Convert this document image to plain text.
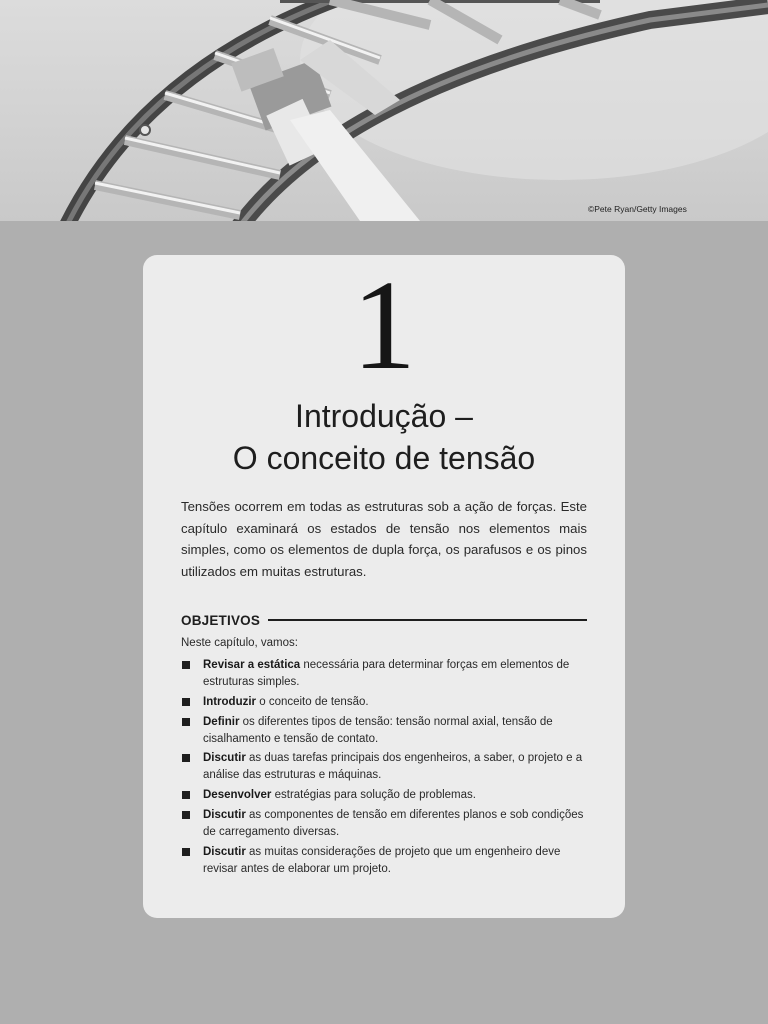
©Pete Ryan/Getty Images
1
Introdução –
O conceito de tensão

Tensões ocorrem em todas as estruturas sob a ação de forças. Este capítulo examinará os estados de tensão nos elementos mais simples, como os elementos de dupla força, os parafusos e os pinos utilizados em muitas estruturas.

OBJETIVOS

Neste capítulo, vamos:

Revisar a estática necessária para determinar forças em elementos de estruturas simples.
Introduzir o conceito de tensão.
Definir os diferentes tipos de tensão: tensão normal axial, tensão de cisalhamento e tensão de contato.
Discutir as duas tarefas principais dos engenheiros, a saber, o projeto e a análise das estruturas e máquinas.
Desenvolver estratégias para solução de problemas.
Discutir as componentes de tensão em diferentes planos e sob condições de carregamento diversas.
Discutir as muitas considerações de projeto que um engenheiro deve revisar antes de elaborar um projeto.
